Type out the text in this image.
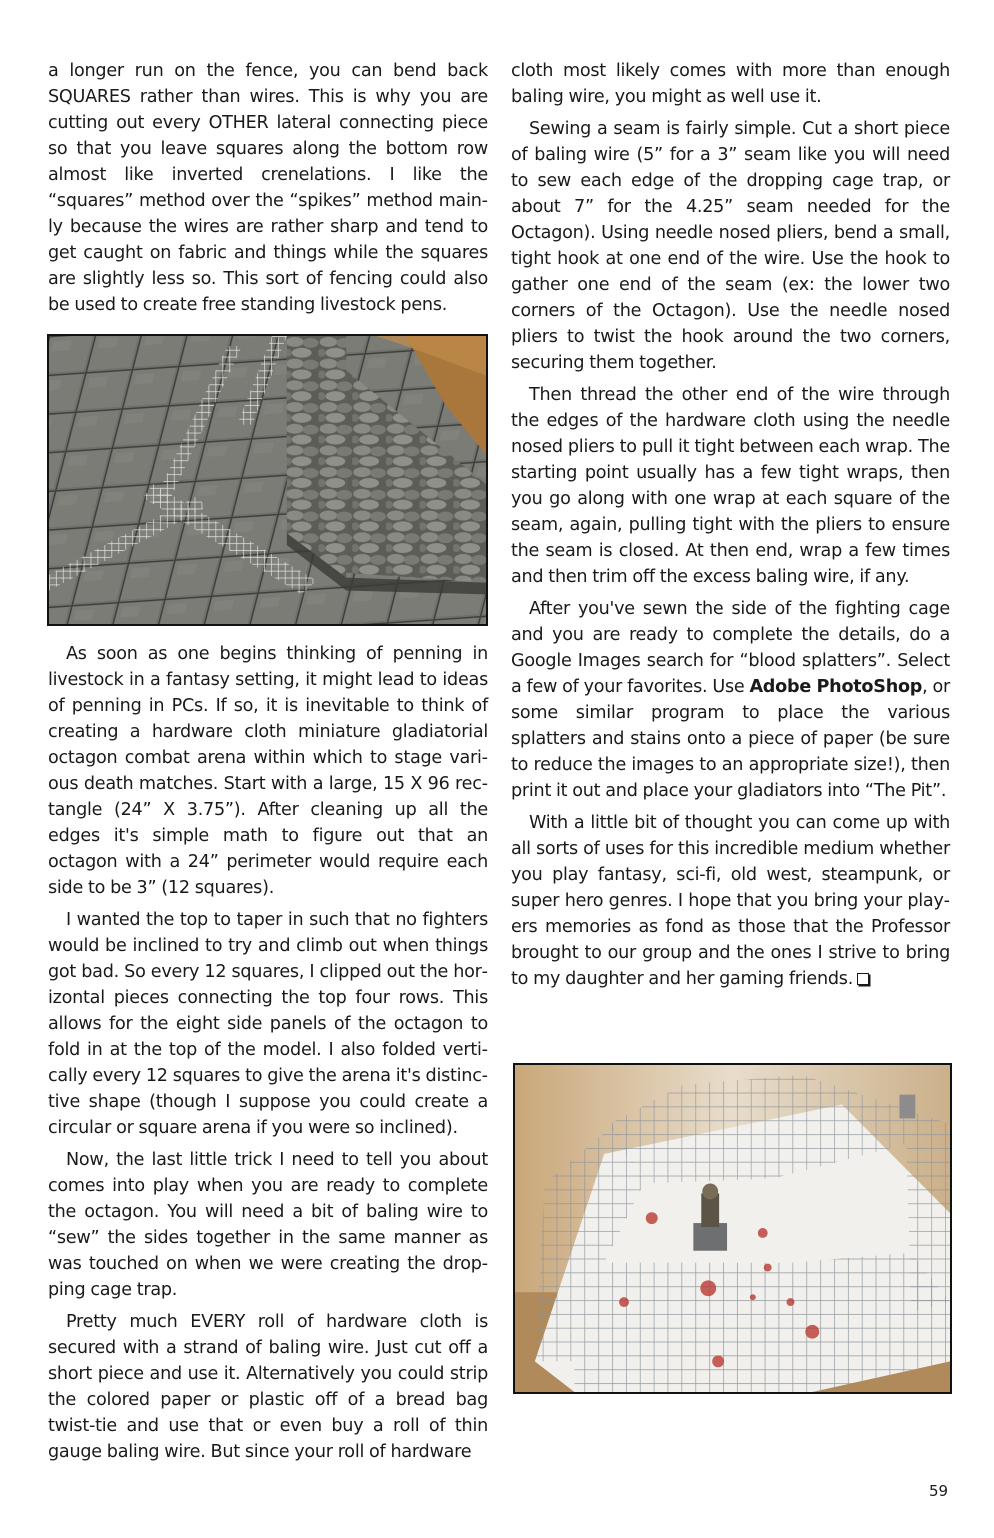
a longer run on the fence, you can bend back SQUARES rather than wires. This is why you are cutting out every OTHER lateral connecting piece so that you leave squares along the bottom row almost like inverted crenelations. I like the “squares” method over the “spikes” method mainly because the wires are rather sharp and tend to get caught on fabric and things while the squares are slightly less so. This sort of fencing could also be used to create free standing livestock pens.

As soon as one begins thinking of penning in livestock in a fantasy setting, it might lead to ideas of penning in PCs. If so, it is inevitable to think of creating a hardware cloth miniature gladiatorial octagon combat arena within which to stage various death matches. Start with a large, 15 X 96 rectangle (24” X 3.75”). After cleaning up all the edges it's simple math to figure out that an octagon with a 24” perimeter would require each side to be 3” (12 squares).

I wanted the top to taper in such that no fighters would be inclined to try and climb out when things got bad. So every 12 squares, I clipped out the horizontal pieces connecting the top four rows. This allows for the eight side panels of the octagon to fold in at the top of the model. I also folded vertically every 12 squares to give the arena it's distinctive shape (though I suppose you could create a circular or square arena if you were so inclined).

Now, the last little trick I need to tell you about comes into play when you are ready to complete the octagon. You will need a bit of baling wire to “sew” the sides together in the same manner as was touched on when we were creating the dropping cage trap.

Pretty much EVERY roll of hardware cloth is secured with a strand of baling wire. Just cut off a short piece and use it. Alternatively you could strip the colored paper or plastic off of a bread bag twist-tie and use that or even buy a roll of thin gauge baling wire. But since your roll of hardware

cloth most likely comes with more than enough baling wire, you might as well use it.

Sewing a seam is fairly simple. Cut a short piece of baling wire (5” for a 3” seam like you will need to sew each edge of the dropping cage trap, or about 7” for the 4.25” seam needed for the Octagon). Using needle nosed pliers, bend a small, tight hook at one end of the wire. Use the hook to gather one end of the seam (ex: the lower two corners of the Octagon). Use the needle nosed pliers to twist the hook around the two corners, securing them together.

Then thread the other end of the wire through the edges of the hardware cloth using the needle nosed pliers to pull it tight between each wrap. The starting point usually has a few tight wraps, then you go along with one wrap at each square of the seam, again, pulling tight with the pliers to ensure the seam is closed. At then end, wrap a few times and then trim off the excess baling wire, if any.

After you've sewn the side of the fighting cage and you are ready to complete the details, do a Google Images search for “blood splatters”. Select a few of your favorites. Use Adobe PhotoShop, or some similar program to place the various splatters and stains onto a piece of paper (be sure to reduce the images to an appropriate size!), then print it out and place your gladiators into “The Pit”.

With a little bit of thought you can come up with all sorts of uses for this incredible medium whether you play fantasy, sci-fi, old west, steampunk, or super hero genres. I hope that you bring your players memories as fond as those that the Professor brought to our group and the ones I strive to bring to my daughter and her gaming friends.

59
